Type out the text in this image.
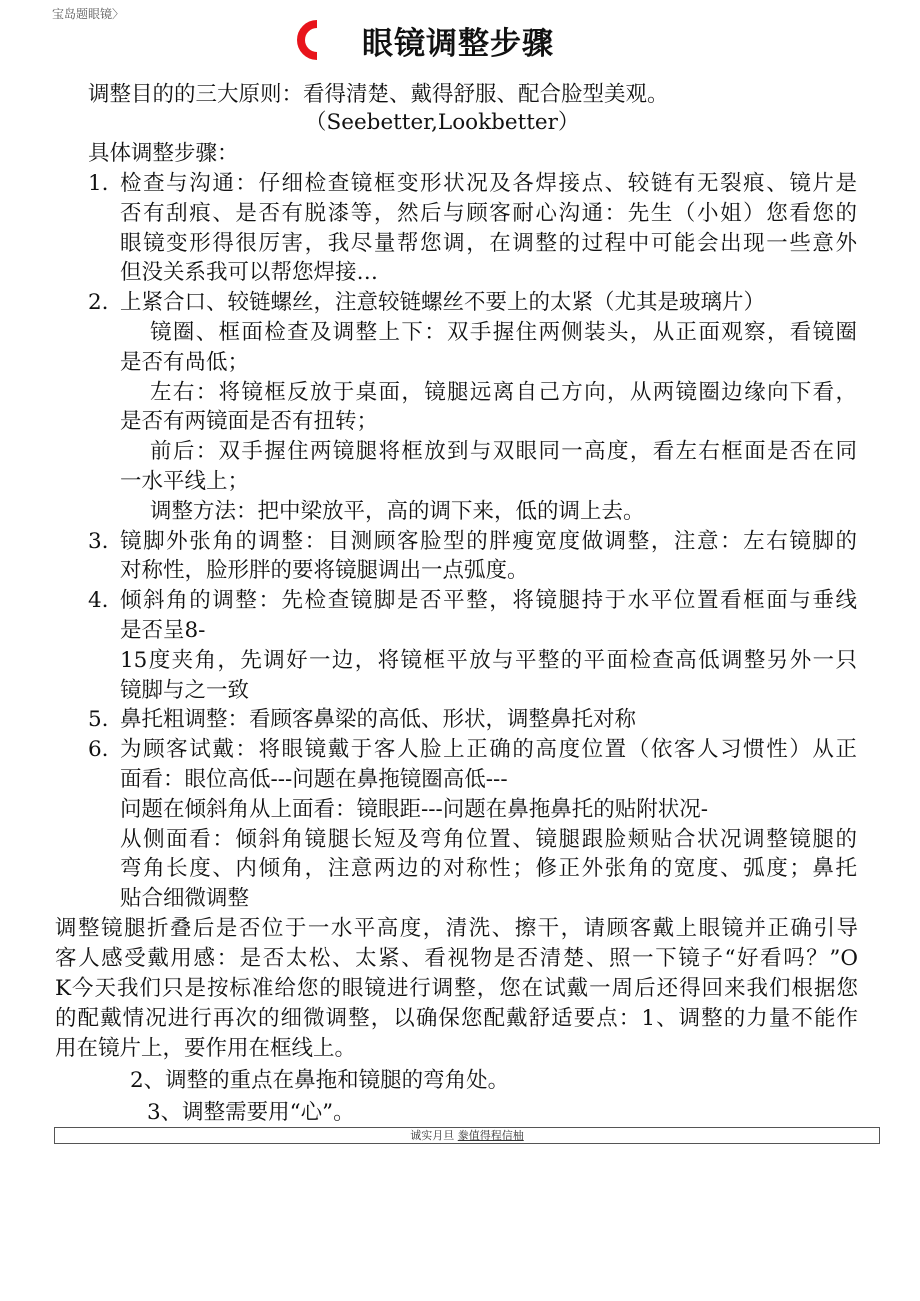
宝岛题眼镜〉
眼镜调整步骤
调整目的的三大原则：看得清楚、戴得舒服、配合脸型美观。
（Seebetter,Lookbetter）
具体调整步骤：
1. 检查与沟通：仔细检查镜框变形状况及各焊接点、较链有无裂痕、镜片是
否有刮痕、是否有脱漆等，然后与顾客耐心沟通：先生（小姐）您看您的
眼镜变形得很厉害，我尽量帮您调，在调整的过程中可能会出现一些意外
但没关系我可以帮您焊接…
2. 上紧合口、较链螺丝，注意较链螺丝不要上的太紧（尤其是玻璃片）
镜圈、框面检查及调整上下：双手握住两侧装头，从正面观察，看镜圈
是否有咼低；
左右：将镜框反放于桌面，镜腿远离自己方向，从两镜圈边缘向下看，
是否有两镜面是否有扭转；
前后：双手握住两镜腿将框放到与双眼同一高度，看左右框面是否在同
一水平线上；
调整方法：把中梁放平，高的调下来，低的调上去。
3. 镜脚外张角的调整：目测顾客脸型的胖瘦宽度做调整，注意：左右镜脚的
对称性，脸形胖的要将镜腿调出一点弧度。
4. 倾斜角的调整：先检查镜脚是否平整，将镜腿持于水平位置看框面与垂线
是否呈8-
15度夹角，先调好一边，将镜框平放与平整的平面检查高低调整另外一只
镜脚与之一致
5. 鼻托粗调整：看顾客鼻梁的高低、形状，调整鼻托对称
6. 为顾客试戴：将眼镜戴于客人脸上正确的高度位置（依客人习惯性）从正
面看：眼位高低---问题在鼻拖镜圈高低---
问题在倾斜角从上面看：镜眼距---问题在鼻拖鼻托的贴附状况-
从侧面看：倾斜角镜腿长短及弯角位置、镜腿跟脸颊贴合状况调整镜腿的
弯角长度、内倾角，注意两边的对称性；修正外张角的宽度、弧度；鼻托
贴合细微调整
调整镜腿折叠后是否位于一水平高度，清洗、擦干，请顾客戴上眼镜并正确引导
客人感受戴用感：是否太松、太紧、看视物是否清楚、照一下镜子“好看吗？”O
K今天我们只是按标准给您的眼镜进行调整，您在试戴一周后还得回来我们根据您
的配戴情况进行再次的细微调整，以确保您配戴舒适要点：1、调整的力量不能作
用在镜片上，要作用在框线上。
2、调整的重点在鼻拖和镜腿的弯角处。
3、调整需要用“心”。
诚实月旦 豢值得程信柚
